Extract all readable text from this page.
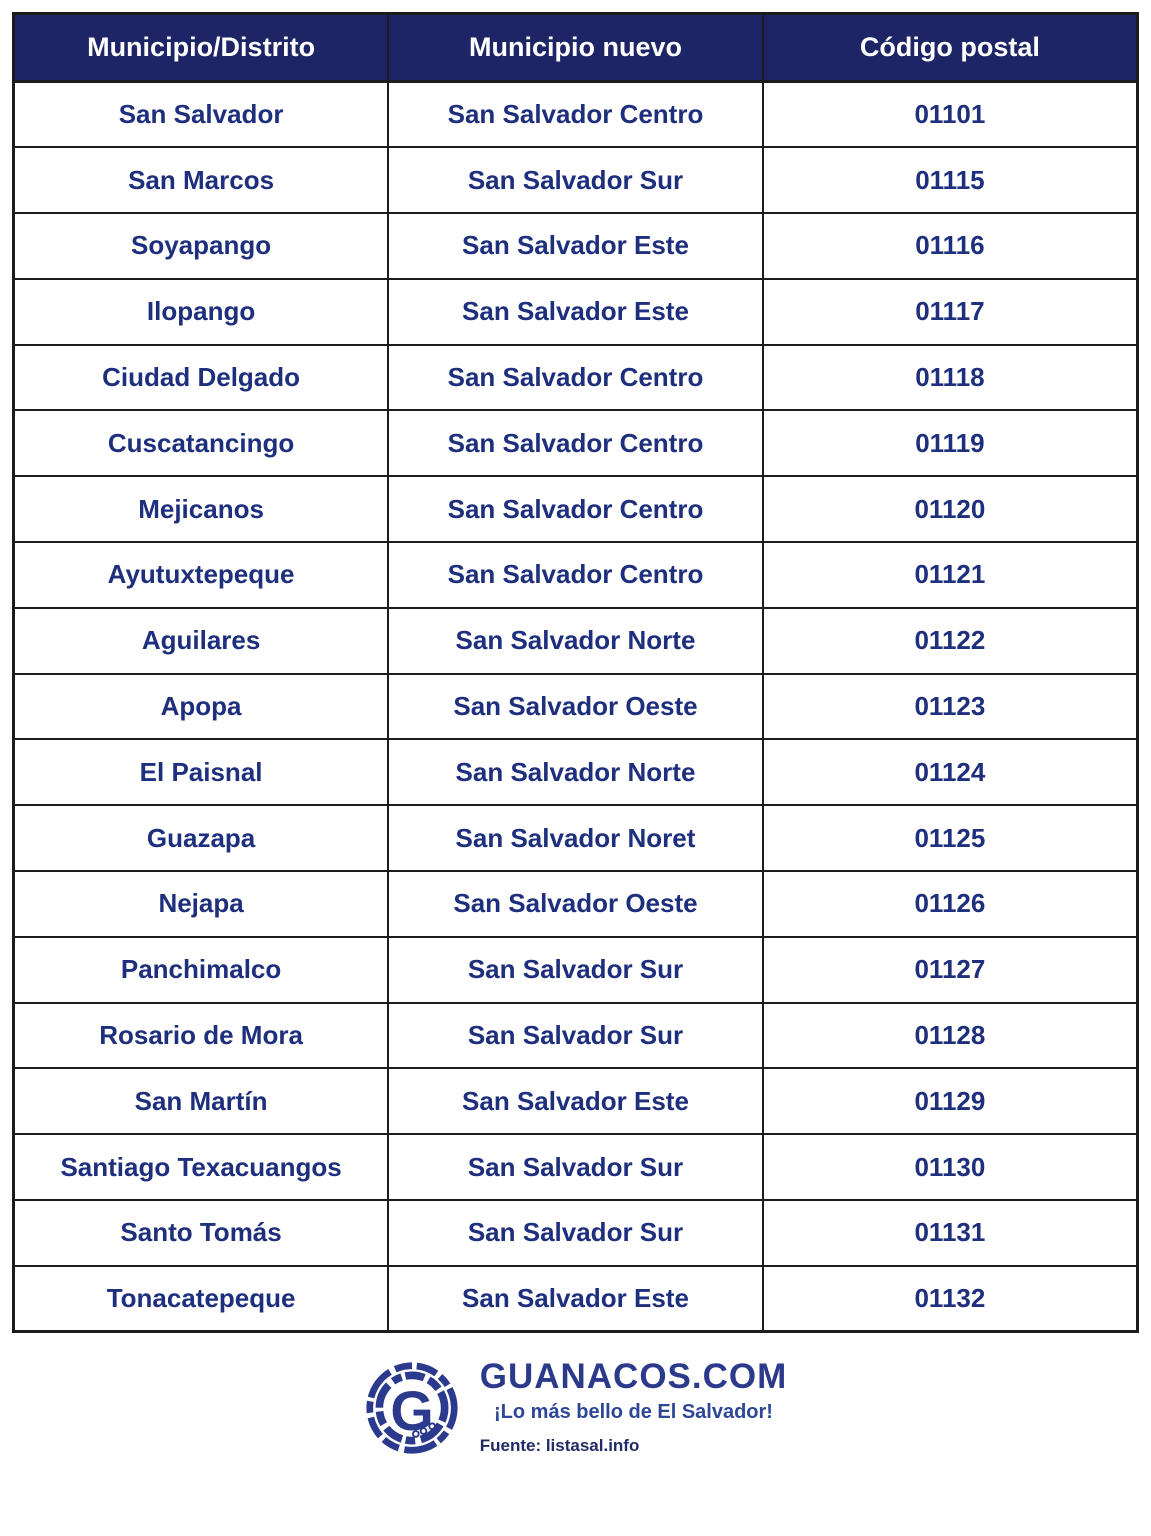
Municipio/Distrito	Municipio nuevo	Código postal
San Salvador	San Salvador Centro	01101
San Marcos	San Salvador Sur	01115
Soyapango	San Salvador Este	01116
Ilopango	San Salvador Este	01117
Ciudad Delgado	San Salvador Centro	01118
Cuscatancingo	San Salvador Centro	01119
Mejicanos	San Salvador Centro	01120
Ayutuxtepeque	San Salvador Centro	01121
Aguilares	San Salvador Norte	01122
Apopa	San Salvador Oeste	01123
El Paisnal	San Salvador Norte	01124
Guazapa	San Salvador Noret	01125
Nejapa	San Salvador Oeste	01126
Panchimalco	San Salvador Sur	01127
Rosario de Mora	San Salvador Sur	01128
San Martín	San Salvador Este	01129
Santiago Texacuangos	San Salvador Sur	01130
Santo Tomás	San Salvador Sur	01131
Tonacatepeque	San Salvador Este	01132
G
GUANACOS.COM
¡Lo más bello de El Salvador!
Fuente: listasal.info
